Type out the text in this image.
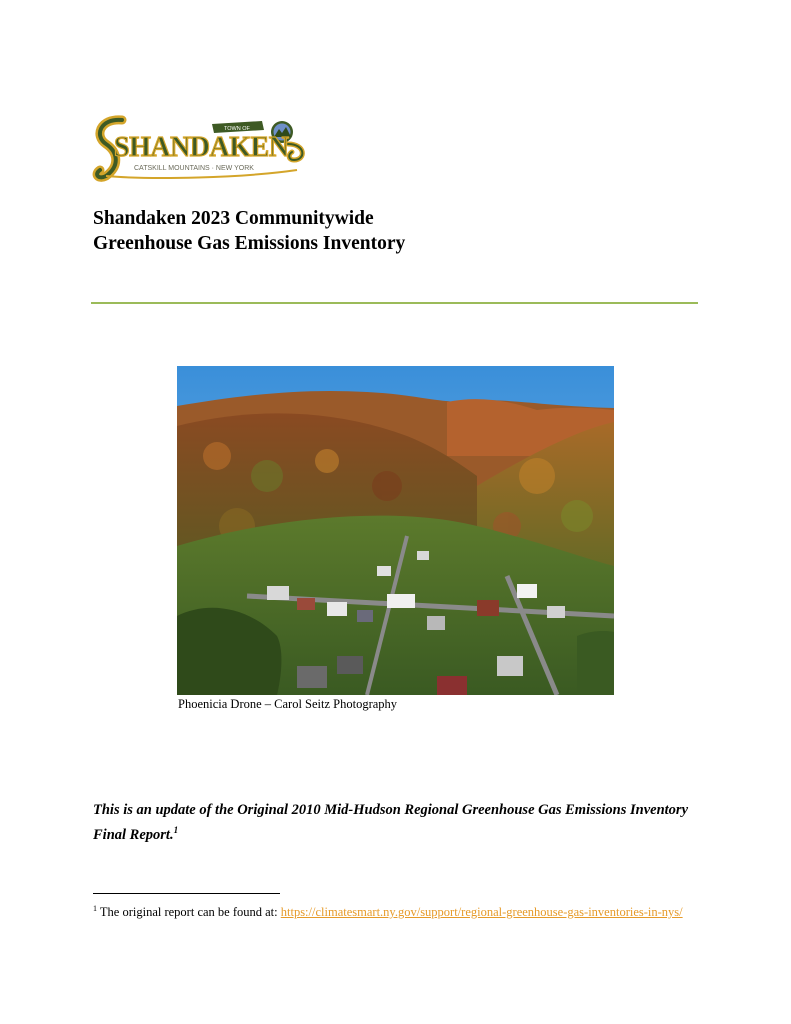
TOWN OF
SHANDAKEN
CATSKILL MOUNTAINS · NEW YORK
Shandaken 2023 Communitywide
Greenhouse Gas Emissions Inventory
Phoenicia Drone – Carol Seitz Photography

This is an update of the Original 2010 Mid-Hudson Regional Greenhouse Gas Emissions Inventory Final Report.$^1$

$^1$ The original report can be found at: https://climatesmart.ny.gov/support/regional-greenhouse-gas-inventories-in-nys/
